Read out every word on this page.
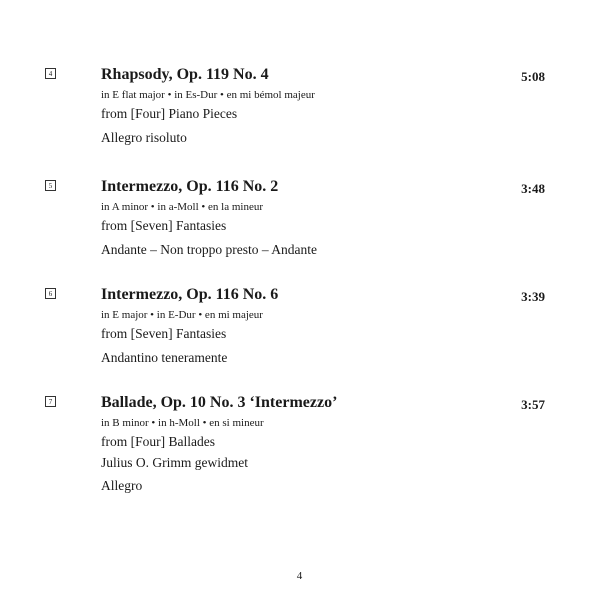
4	Rhapsody, Op. 119 No. 4	5:08
in E flat major • in Es-Dur • en mi bémol majeur
from [Four] Piano Pieces
Allegro risoluto
5	Intermezzo, Op. 116 No. 2	3:48
in A minor • in a-Moll • en la mineur
from [Seven] Fantasies
Andante – Non troppo presto – Andante
6	Intermezzo, Op. 116 No. 6	3:39
in E major • in E-Dur • en mi majeur
from [Seven] Fantasies
Andantino teneramente
7	Ballade, Op. 10 No. 3 ‘Intermezzo’	3:57
in B minor • in h-Moll • en si mineur
from [Four] Ballades
Julius O. Grimm gewidmet
Allegro
4
